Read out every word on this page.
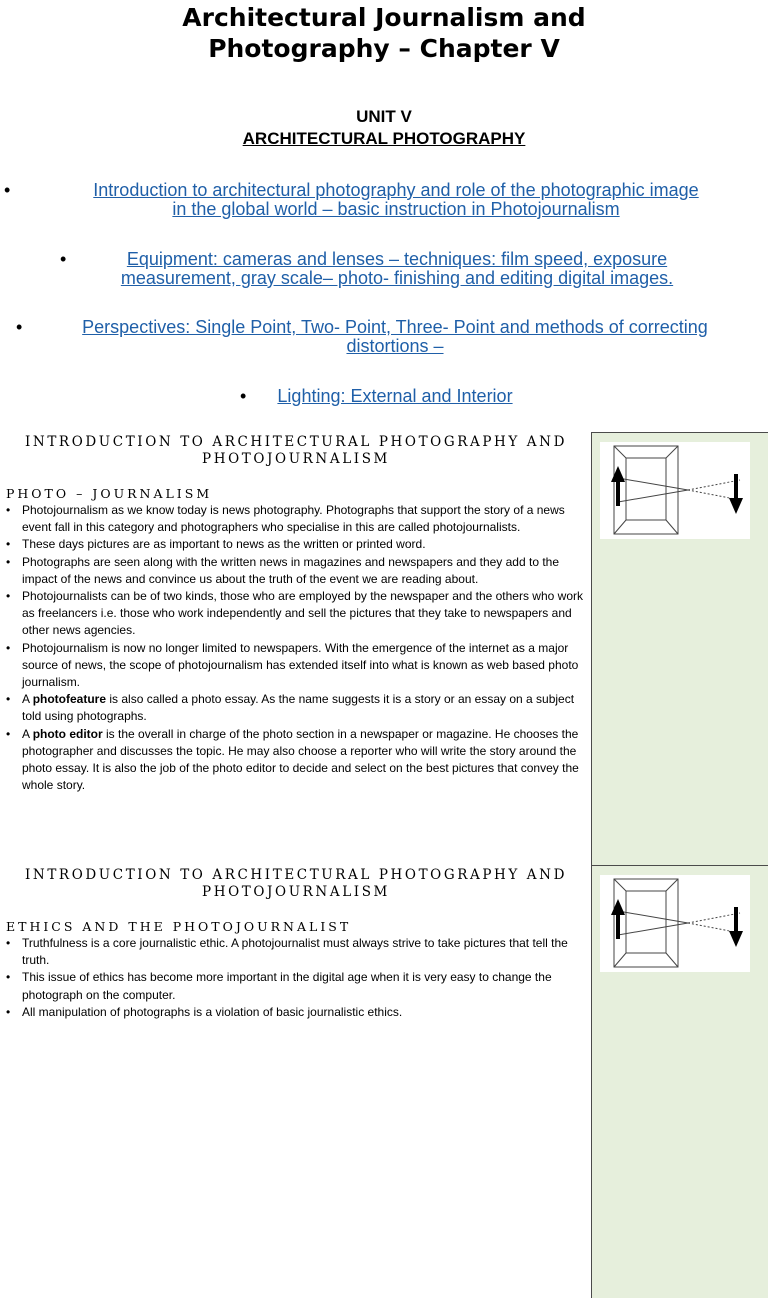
Architectural Journalism and
Photography – Chapter V
UNIT V
ARCHITECTURAL PHOTOGRAPHY
•	Introduction to architectural photography and role of the photographic image
in the global world – basic instruction in Photojournalism
•	Equipment: cameras and lenses – techniques: film speed, exposure
measurement, gray scale– photo- finishing and editing digital images.
•	Perspectives: Single Point, Two- Point, Three- Point and methods of correcting
distortions –
•	Lighting: External and Interior
INTRODUCTION TO ARCHITECTURAL PHOTOGRAPHY AND
PHOTOJOURNALISM
PHOTO – JOURNALISM
• Photojournalism as we know today is news photography. Photographs that support the story of a news event fall in this category and photographers who specialise in this are called photojournalists.
• These days pictures are as important to news as the written or printed word.
• Photographs are seen along with the written news in magazines and newspapers and they add to the impact of the news and convince us about the truth of the event we are reading about.
• Photojournalists can be of two kinds, those who are employed by the newspaper and the others who work as freelancers i.e. those who work independently and sell the pictures that they take to newspapers and other news agencies.
• Photojournalism is now no longer limited to newspapers. With the emergence of the internet as a major source of news, the scope of photojournalism has extended itself into what is known as web based photo journalism.
• A photofeature is also called a photo essay. As the name suggests it is a story or an essay on a subject told using photographs.
• A photo editor is the overall in charge of the photo section in a newspaper or magazine. He chooses the photographer and discusses the topic. He may also choose a reporter who will write the story around the photo essay. It is also the job of the photo editor to decide and select on the best pictures that convey the whole story.
INTRODUCTION TO ARCHITECTURAL PHOTOGRAPHY AND
PHOTOJOURNALISM
ETHICS AND THE PHOTOJOURNALIST
• Truthfulness is a core journalistic ethic. A photojournalist must always strive to take pictures that tell the truth.
• This issue of ethics has become more important in the digital age when it is very easy to change the photograph on the computer.
• All manipulation of photographs is a violation of basic journalistic ethics.
